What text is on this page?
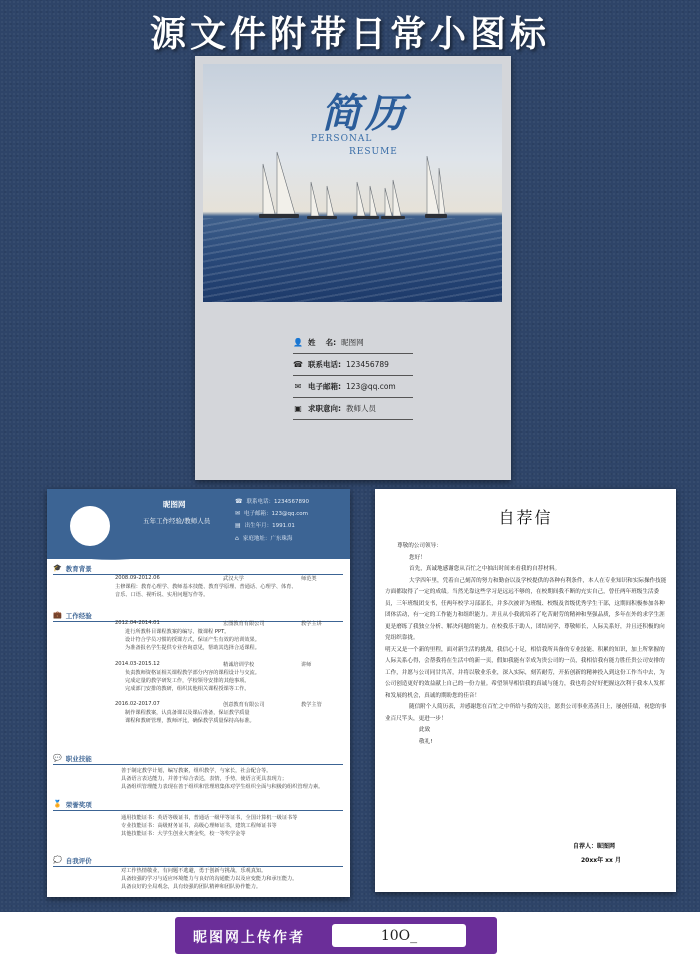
源文件附带日常小图标
简历
PERSONAL
RESUME
👤 姓　 名: 昵图网
☎ 联系电话: 123456789
✉ 电子邮箱: 123@qq.com
▣ 求职意向: 教师人员
昵图网
五年工作经验/教师人员
☎ 联系电话：1234567890
✉ 电子邮箱：123@qq.com
▤ 出生年月：1991.01
⌂ 家庭地址：广东珠海
🎓 教育背景
2008.09-2012.06	武汉大学	师范类
主修课程：教育心理学、教师基本技能、教育学原理、普通话、心理学、体育、
音乐、口语、视听说、实用问题写作等。
💼 工作经验
2012.04-2014.01	宏图教育有限公司	教学主讲
进行所教科目课程教案的编写、微课程 PPT。
设计符合学员习惯的授课方式，保证产生有效的培训效果。
为准备报名学生提供专业咨询意见，帮助其选择合适课程。
2014.03-2015.12	精诚培训学校	讲师
负责教师资格证相关课程教学部分内容的课程设计与交流。
完成定量的教学研发工作，学校领导安排的其他事项。
完成部门安排的教研，组织其他相关课程授课等工作。
2016.02-2017.07	创意教育有限公司	教学主管
制作课程教案，认真备课以及课后准备，保证教学质量
课程和教研管理，教师评比，确保教学质量保持高标准。
💬 职业技能
善于制定教学计划，编写教案，组织教学，与家长，社会配合等。
具备语言表达能力，并善于综合表达，表情，手势，使语言更具表现力；
具备组织管理能力表现在善于组织和管理班集体对学生组织全面与积极的组织管理力素。
🏅 荣誉奖项
通用技能证书：英语等级证书，普通话一级甲等证书，全国计算机一级证书等
专业技能证书：高级财务证书，高级心理师证书，建筑工程师证书等
其他技能证书：大学生创业大赛金奖，校一等奖学金等
💭 自我评价
对工作热情敬业，有问题不逃避，勇于创新与挑战，乐观真知。
具备较强的学习与适应环境能力与良好的沟通能力以及应变能力和承压能力。
具备良好的全局观念，具有较强的团队精神和团队协作能力。
自荐信

尊敬的公司领导：

您好！

首先，真诚地感谢您从百忙之中抽出时间来看我的自荐材料。

大学四年里，凭着自己刻苦的努力和勤奋以及学校提供的各种有利条件，本人在专业知识和实际操作技能方面都取得了一定的成绩。当然光靠这些学习是远远不够的，在校期间我不断的充实自己，曾任两年班级生活委员，三年班级团支书，任两年校学习部部长，并多次被评为班级、校级及省级优秀学生干部，这期间积极参加各种团体活动，有一定的工作能力和组织能力。并且从小我就培养了吃苦耐劳的精神和坚强品质，多年在外的求学生涯更是磨练了我独立分析、解决问题的能力。在校我乐于助人，团结同学，尊敬师长，人际关系好，并且还积极的向党组织靠拢。

明天又是一个新的里程，面对新生活的挑战，我信心十足，相信我所具备的专业技能、积累的知识，加上所掌握的人际关系心得，会帮我将在生活中的新一页，假如我能有幸成为贵公司的一员，我相信我有能力胜任贵公司安排的工作，并愿与公司同甘共苦，并将以敬业乐业，深入实际，刻苦耐劳，开拓创新的精神投入到这份工作当中去，为公司创造更好的效益献上自己的一份力量。希望领导相信我的真诚与能力，我也将会好好把握这次利于我本人发挥和发展的机会，真诚的期盼您的佳音！

随信附个人简历表，并感谢您在百忙之中所给与我的关注，愿贵公司事业蒸蒸日上，屡创佳绩，祝您的事业百尺竿头，更进一步！

此致

敬礼!

自荐人：昵图网
20xx年 xx 月
昵图网上传作者	10O_
